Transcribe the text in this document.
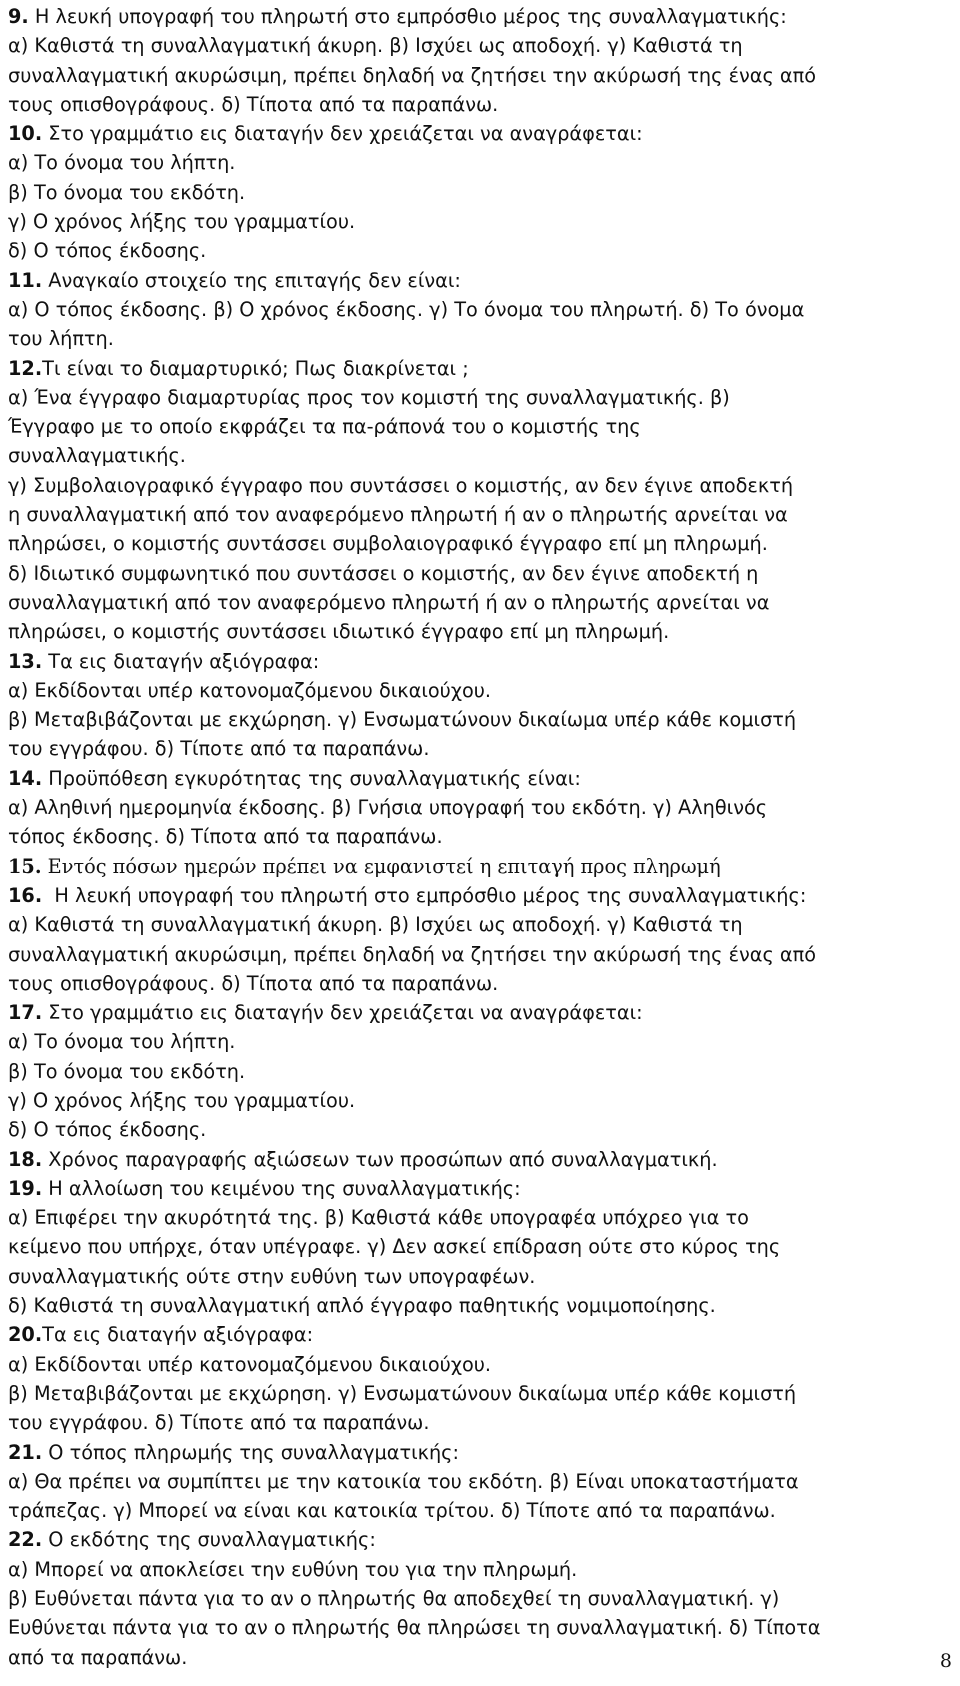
9. Η λευκή υπογραφή του πληρωτή στο εμπρόσθιο μέρος της συναλλαγματικής:
α) Καθιστά τη συναλλαγματική άκυρη. β) Ισχύει ως αποδοχή. γ) Καθιστά τη
συναλλαγματική ακυρώσιμη, πρέπει δηλαδή να ζητήσει την ακύρωσή της ένας από
τους οπισθογράφους. δ) Τίποτα από τα παραπάνω.
10. Στο γραμμάτιο εις διαταγήν δεν χρειάζεται να αναγράφεται:
α) Το όνομα του λήπτη.
β) Το όνομα του εκδότη.
γ) Ο χρόνος λήξης του γραμματίου.
δ) Ο τόπος έκδοσης.
11. Αναγκαίο στοιχείο της επιταγής δεν είναι:
α) Ο τόπος έκδοσης. β) Ο χρόνος έκδοσης. γ) Το όνομα του πληρωτή. δ) Το όνομα
του λήπτη.
12.Τι είναι το διαμαρτυρικό; Πως διακρίνεται ;
α) Ένα έγγραφο διαμαρτυρίας προς τον κομιστή της συναλλαγματικής. β)
Έγγραφο με το οποίο εκφράζει τα πα-ράπονά του ο κομιστής της
συναλλαγματικής.
γ) Συμβολαιογραφικό έγγραφο που συντάσσει ο κομιστής, αν δεν έγινε αποδεκτή
η συναλλαγματική από τον αναφερόμενο πληρωτή ή αν ο πληρωτής αρνείται να
πληρώσει, ο κομιστής συντάσσει συμβολαιογραφικό έγγραφο επί μη πληρωμή.
δ) Ιδιωτικό συμφωνητικό που συντάσσει ο κομιστής, αν δεν έγινε αποδεκτή η
συναλλαγματική από τον αναφερόμενο πληρωτή ή αν ο πληρωτής αρνείται να
πληρώσει, ο κομιστής συντάσσει ιδιωτικό έγγραφο επί μη πληρωμή.
13. Τα εις διαταγήν αξιόγραφα:
α) Εκδίδονται υπέρ κατονομαζόμενου δικαιούχου.
β) Μεταβιβάζονται με εκχώρηση. γ) Ενσωματώνουν δικαίωμα υπέρ κάθε κομιστή
του εγγράφου. δ) Τίποτε από τα παραπάνω.
14. Προϋπόθεση εγκυρότητας της συναλλαγματικής είναι:
α) Αληθινή ημερομηνία έκδοσης. β) Γνήσια υπογραφή του εκδότη. γ) Αληθινός
τόπος έκδοσης. δ) Τίποτα από τα παραπάνω.
15. Εντός πόσων ημερών πρέπει να εμφανιστεί η επιταγή προς πληρωμή
16.  Η λευκή υπογραφή του πληρωτή στο εμπρόσθιο μέρος της συναλλαγματικής:
α) Καθιστά τη συναλλαγματική άκυρη. β) Ισχύει ως αποδοχή. γ) Καθιστά τη
συναλλαγματική ακυρώσιμη, πρέπει δηλαδή να ζητήσει την ακύρωσή της ένας από
τους οπισθογράφους. δ) Τίποτα από τα παραπάνω.
17. Στο γραμμάτιο εις διαταγήν δεν χρειάζεται να αναγράφεται:
α) Το όνομα του λήπτη.
β) Το όνομα του εκδότη.
γ) Ο χρόνος λήξης του γραμματίου.
δ) Ο τόπος έκδοσης.
18. Χρόνος παραγραφής αξιώσεων των προσώπων από συναλλαγματική.
19. Η αλλοίωση του κειμένου της συναλλαγματικής:
α) Επιφέρει την ακυρότητά της. β) Καθιστά κάθε υπογραφέα υπόχρεο για το
κείμενο που υπήρχε, όταν υπέγραφε. γ) Δεν ασκεί επίδραση ούτε στο κύρος της
συναλλαγματικής ούτε στην ευθύνη των υπογραφέων.
δ) Καθιστά τη συναλλαγματική απλό έγγραφο παθητικής νομιμοποίησης.
20.Τα εις διαταγήν αξιόγραφα:
α) Εκδίδονται υπέρ κατονομαζόμενου δικαιούχου.
β) Μεταβιβάζονται με εκχώρηση. γ) Ενσωματώνουν δικαίωμα υπέρ κάθε κομιστή
του εγγράφου. δ) Τίποτε από τα παραπάνω.
21. Ο τόπος πληρωμής της συναλλαγματικής:
α) Θα πρέπει να συμπίπτει με την κατοικία του εκδότη. β) Είναι υποκαταστήματα
τράπεζας. γ) Μπορεί να είναι και κατοικία τρίτου. δ) Τίποτε από τα παραπάνω.
22. Ο εκδότης της συναλλαγματικής:
α) Μπορεί να αποκλείσει την ευθύνη του για την πληρωμή.
β) Ευθύνεται πάντα για το αν ο πληρωτής θα αποδεχθεί τη συναλλαγματική. γ)
Ευθύνεται πάντα για το αν ο πληρωτής θα πληρώσει τη συναλλαγματική. δ) Τίποτα
από τα παραπάνω.	8
